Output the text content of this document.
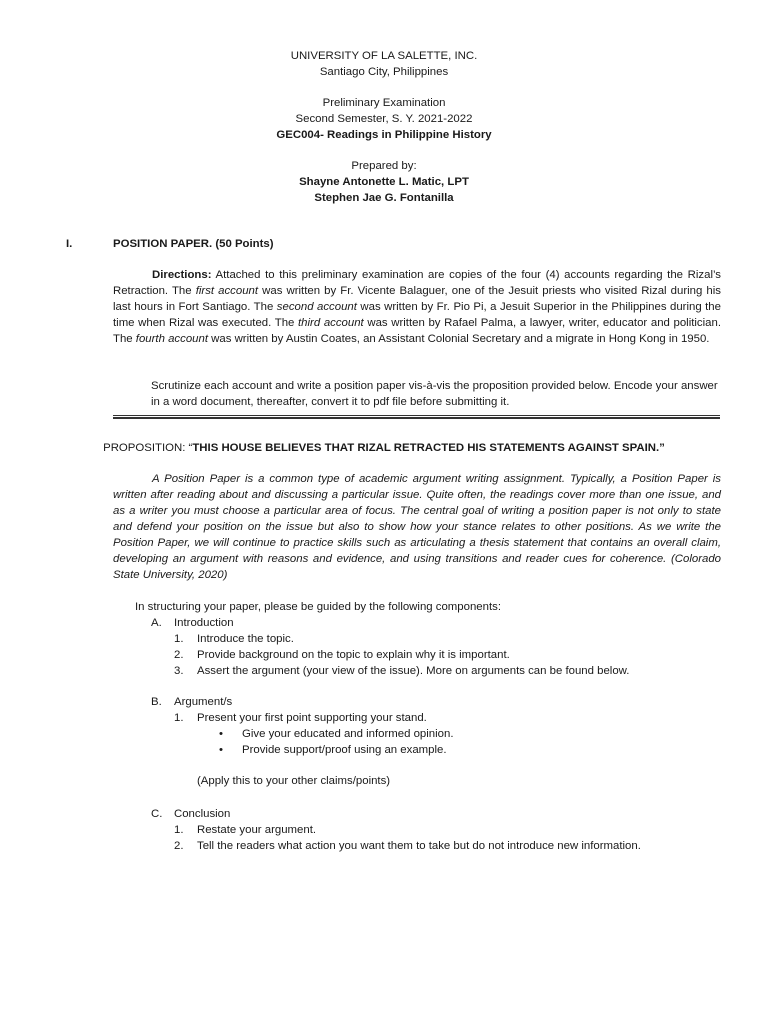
UNIVERSITY OF LA SALETTE, INC.
Santiago City, Philippines
Preliminary Examination
Second Semester, S. Y. 2021-2022
GEC004- Readings in Philippine History
Prepared by:
Shayne Antonette L. Matic, LPT
Stephen Jae G. Fontanilla
I.	POSITION PAPER. (50 Points)
Directions: Attached to this preliminary examination are copies of the four (4) accounts regarding the Rizal’s Retraction. The first account was written by Fr. Vicente Balaguer, one of the Jesuit priests who visited Rizal during his last hours in Fort Santiago. The second account was written by Fr. Pio Pi, a Jesuit Superior in the Philippines during the time when Rizal was executed. The third account was written by Rafael Palma, a lawyer, writer, educator and politician. The fourth account was written by Austin Coates, an Assistant Colonial Secretary and a migrate in Hong Kong in 1950.
Scrutinize each account and write a position paper vis-à-vis the proposition provided below. Encode your answer in a word document, thereafter, convert it to pdf file before submitting it.
PROPOSITION: “THIS HOUSE BELIEVES THAT RIZAL RETRACTED HIS STATEMENTS AGAINST SPAIN.”
A Position Paper is a common type of academic argument writing assignment. Typically, a Position Paper is written after reading about and discussing a particular issue. Quite often, the readings cover more than one issue, and as a writer you must choose a particular area of focus. The central goal of writing a position paper is not only to state and defend your position on the issue but also to show how your stance relates to other positions. As we write the Position Paper, we will continue to practice skills such as articulating a thesis statement that contains an overall claim, developing an argument with reasons and evidence, and using transitions and reader cues for coherence. (Colorado State University, 2020)
In structuring your paper, please be guided by the following components:
A. Introduction
1. Introduce the topic.
2. Provide background on the topic to explain why it is important.
3. Assert the argument (your view of the issue). More on arguments can be found below.
B. Argument/s
1. Present your first point supporting your stand.
• Give your educated and informed opinion.
• Provide support/proof using an example.
(Apply this to your other claims/points)
C. Conclusion
1. Restate your argument.
2. Tell the readers what action you want them to take but do not introduce new information.
